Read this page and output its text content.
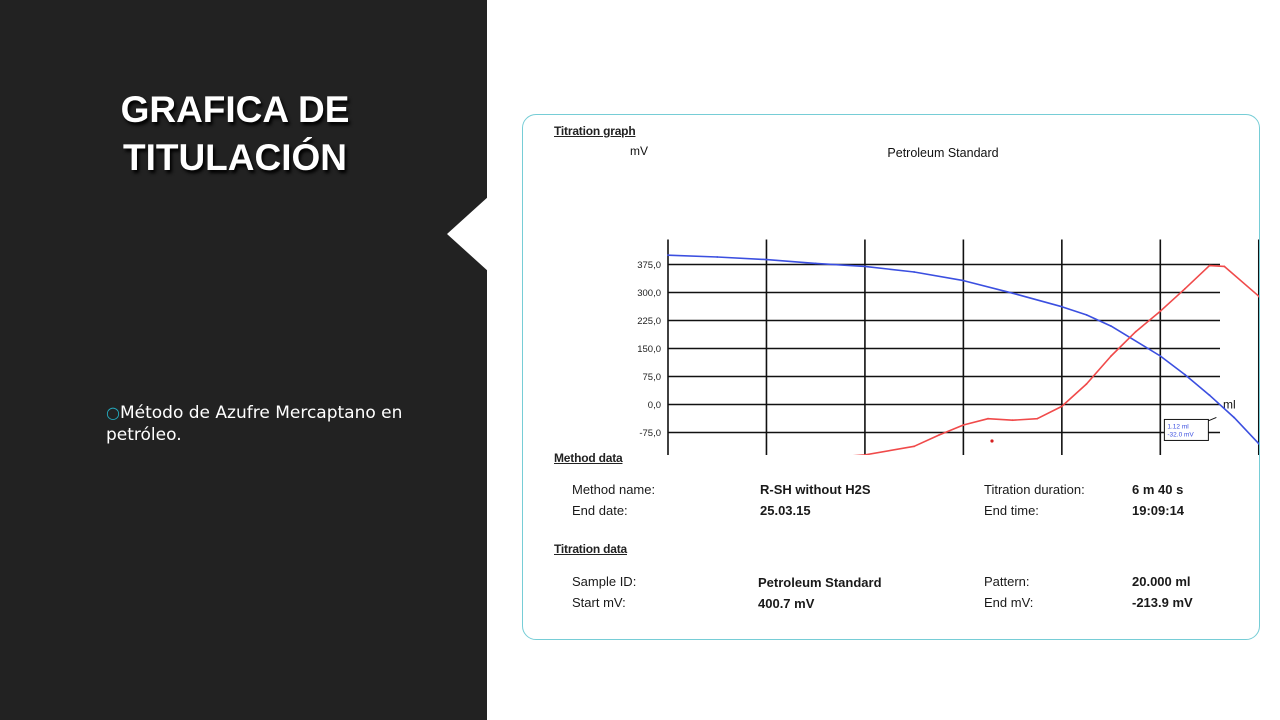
GRAFICA DE TITULACIÓN

○Método de Azufre Mercaptano en petróleo.

Titration graph

375,0
300,0
225,0
150,0
75,0
0,0
-75,0
mV
ml
Petroleum Standard
1.12 ml
-32.0 mV

Method data

Method name:	R-SH without H2S	Titration duration:	6 m 40 s
End date:	25.03.15	End time:	19:09:14

Titration data

Sample ID:	Petroleum Standard	Pattern:	20.000 ml
Start mV:	400.7 mV	End mV:	-213.9 mV
